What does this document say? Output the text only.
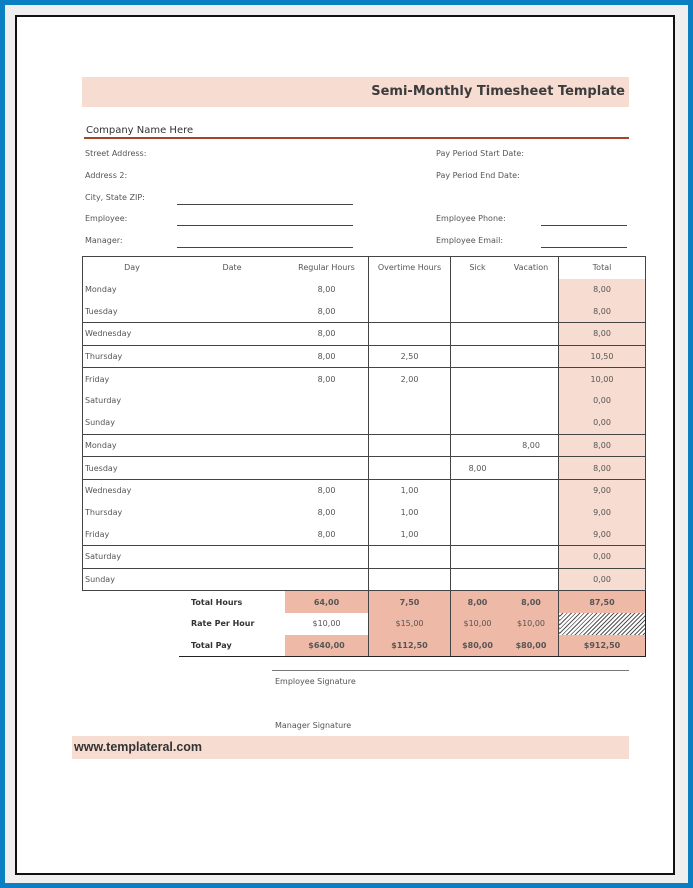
Semi-Monthly Timesheet Template
Company Name Here
Street Address:
Address 2:
City, State ZIP:
Employee:
Manager:
Pay Period Start Date:
Pay Period End Date:
Employee Phone:
Employee Email:
Day	Date	Regular Hours	Overtime Hours	Sick	Vacation	Total
Monday		8,00				8,00
Tuesday		8,00				8,00
Wednesday		8,00				8,00
Thursday		8,00	2,50			10,50
Friday		8,00	2,00			10,00
Saturday						0,00
Sunday						0,00
Monday					8,00	8,00
Tuesday				8,00		8,00
Wednesday		8,00	1,00			9,00
Thursday		8,00	1,00			9,00
Friday		8,00	1,00			9,00
Saturday						0,00
Sunday						0,00
	Total Hours	64,00	7,50	8,00	8,00	87,50
	Rate Per Hour	$10,00	$15,00	$10,00	$10,00	
	Total Pay	$640,00	$112,50	$80,00	$80,00	$912,50
Employee Signature
Manager Signature
www.templateral.com
